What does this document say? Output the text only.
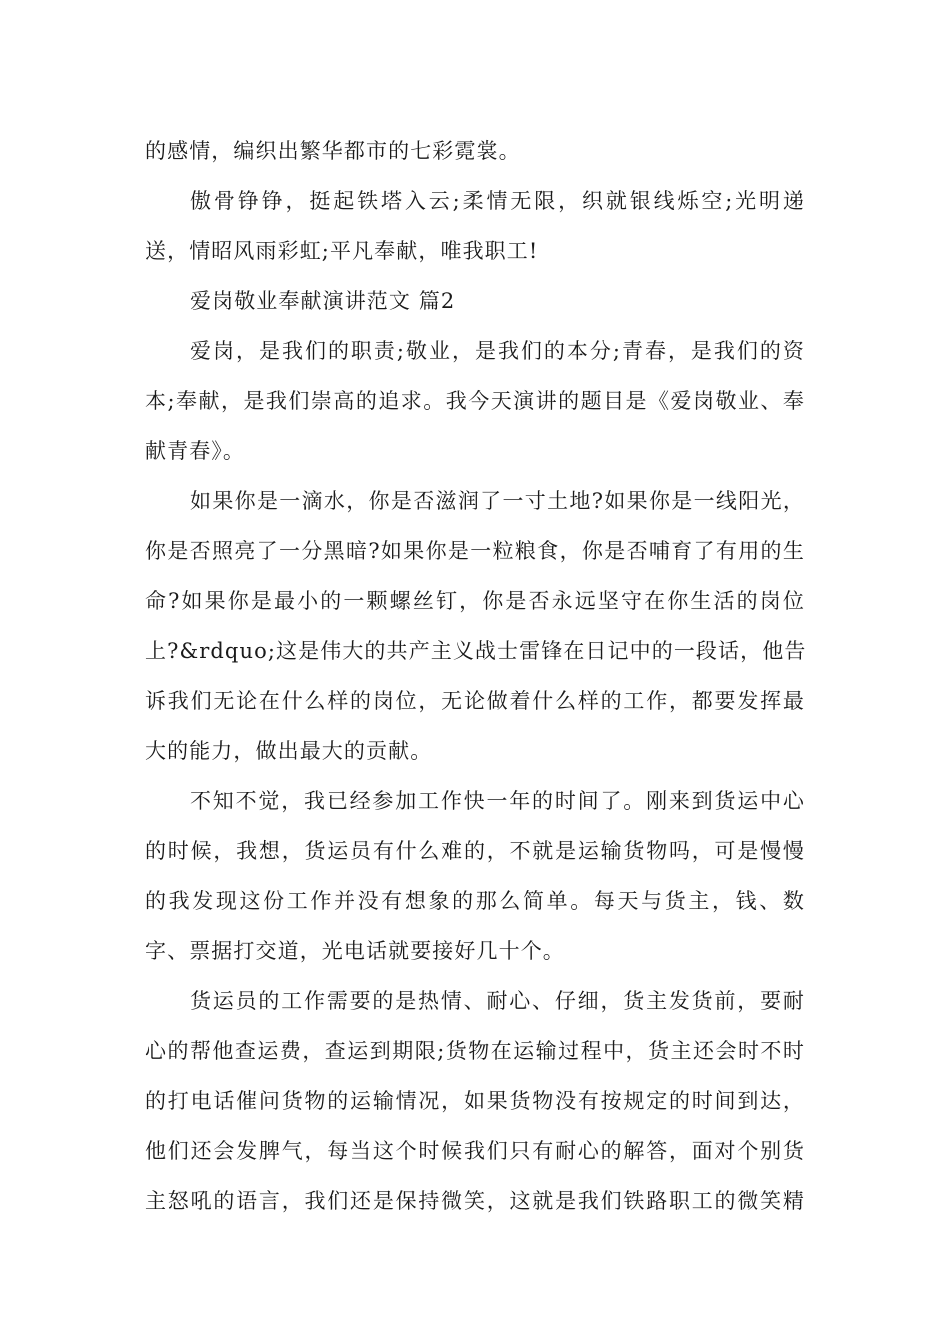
的感情，编织出繁华都市的七彩霓裳。
傲骨铮铮，挺起铁塔入云;柔情无限，织就银线烁空;光明递
送，情昭风雨彩虹;平凡奉献，唯我职工!
爱岗敬业奉献演讲范文 篇2
爱岗，是我们的职责;敬业，是我们的本分;青春，是我们的资
本;奉献，是我们崇高的追求。我今天演讲的题目是《爱岗敬业、奉
献青春》。
如果你是一滴水，你是否滋润了一寸土地?如果你是一线阳光，
你是否照亮了一分黑暗?如果你是一粒粮食，你是否哺育了有用的生
命?如果你是最小的一颗螺丝钉，你是否永远坚守在你生活的岗位
上?&rdquo;这是伟大的共产主义战士雷锋在日记中的一段话，他告
诉我们无论在什么样的岗位，无论做着什么样的工作，都要发挥最
大的能力，做出最大的贡献。
不知不觉，我已经参加工作快一年的时间了。刚来到货运中心
的时候，我想，货运员有什么难的，不就是运输货物吗，可是慢慢
的我发现这份工作并没有想象的那么简单。每天与货主，钱、数
字、票据打交道，光电话就要接好几十个。
货运员的工作需要的是热情、耐心、仔细，货主发货前，要耐
心的帮他查运费，查运到期限;货物在运输过程中，货主还会时不时
的打电话催问货物的运输情况，如果货物没有按规定的时间到达，
他们还会发脾气，每当这个时候我们只有耐心的解答，面对个别货
主怒吼的语言，我们还是保持微笑，这就是我们铁路职工的微笑精
